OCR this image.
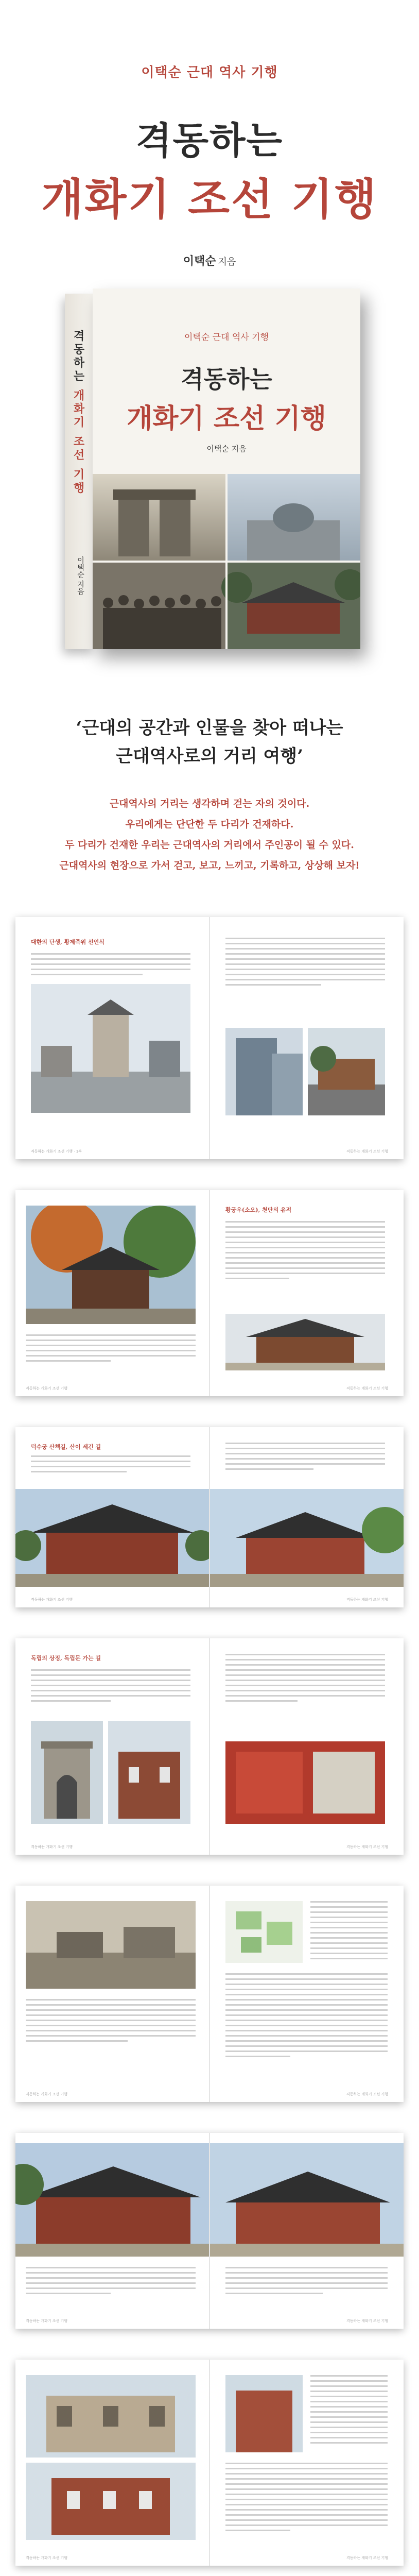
이택순 근대 역사 기행
격동하는
개화기 조선 기행
이택순 지음
격동하는 개화기 조선 기행
이택순 지음
이택순 근대 역사 기행
격동하는
개화기 조선 기행
이택순 지음
‘근대의 공간과 인물을 찾아 떠나는
근대역사로의 거리 여행’
근대역사의 거리는 생각하며 걷는 자의 것이다.
우리에게는 단단한 두 다리가 건재하다.
두 다리가 건재한 우리는 근대역사의 거리에서 주인공이 될 수 있다.
근대역사의 현장으로 가서 걷고, 보고, 느끼고, 기록하고, 상상해 보자!
대한의 탄생, 황제즉위 선언식
격동하는 개화기 조선 기행 · 1부	격동하는 개화기 조선 기행
격동하는 개화기 조선 기행
황궁우(소오), 천단의 유적
격동하는 개화기 조선 기행
덕수궁 산책길, 산이 세긴 길
격동하는 개화기 조선 기행	격동하는 개화기 조선 기행
독립의 상징, 독립문 가는 길
격동하는 개화기 조선 기행	격동하는 개화기 조선 기행
격동하는 개화기 조선 기행	격동하는 개화기 조선 기행
격동하는 개화기 조선 기행	격동하는 개화기 조선 기행
격동하는 개화기 조선 기행	격동하는 개화기 조선 기행
